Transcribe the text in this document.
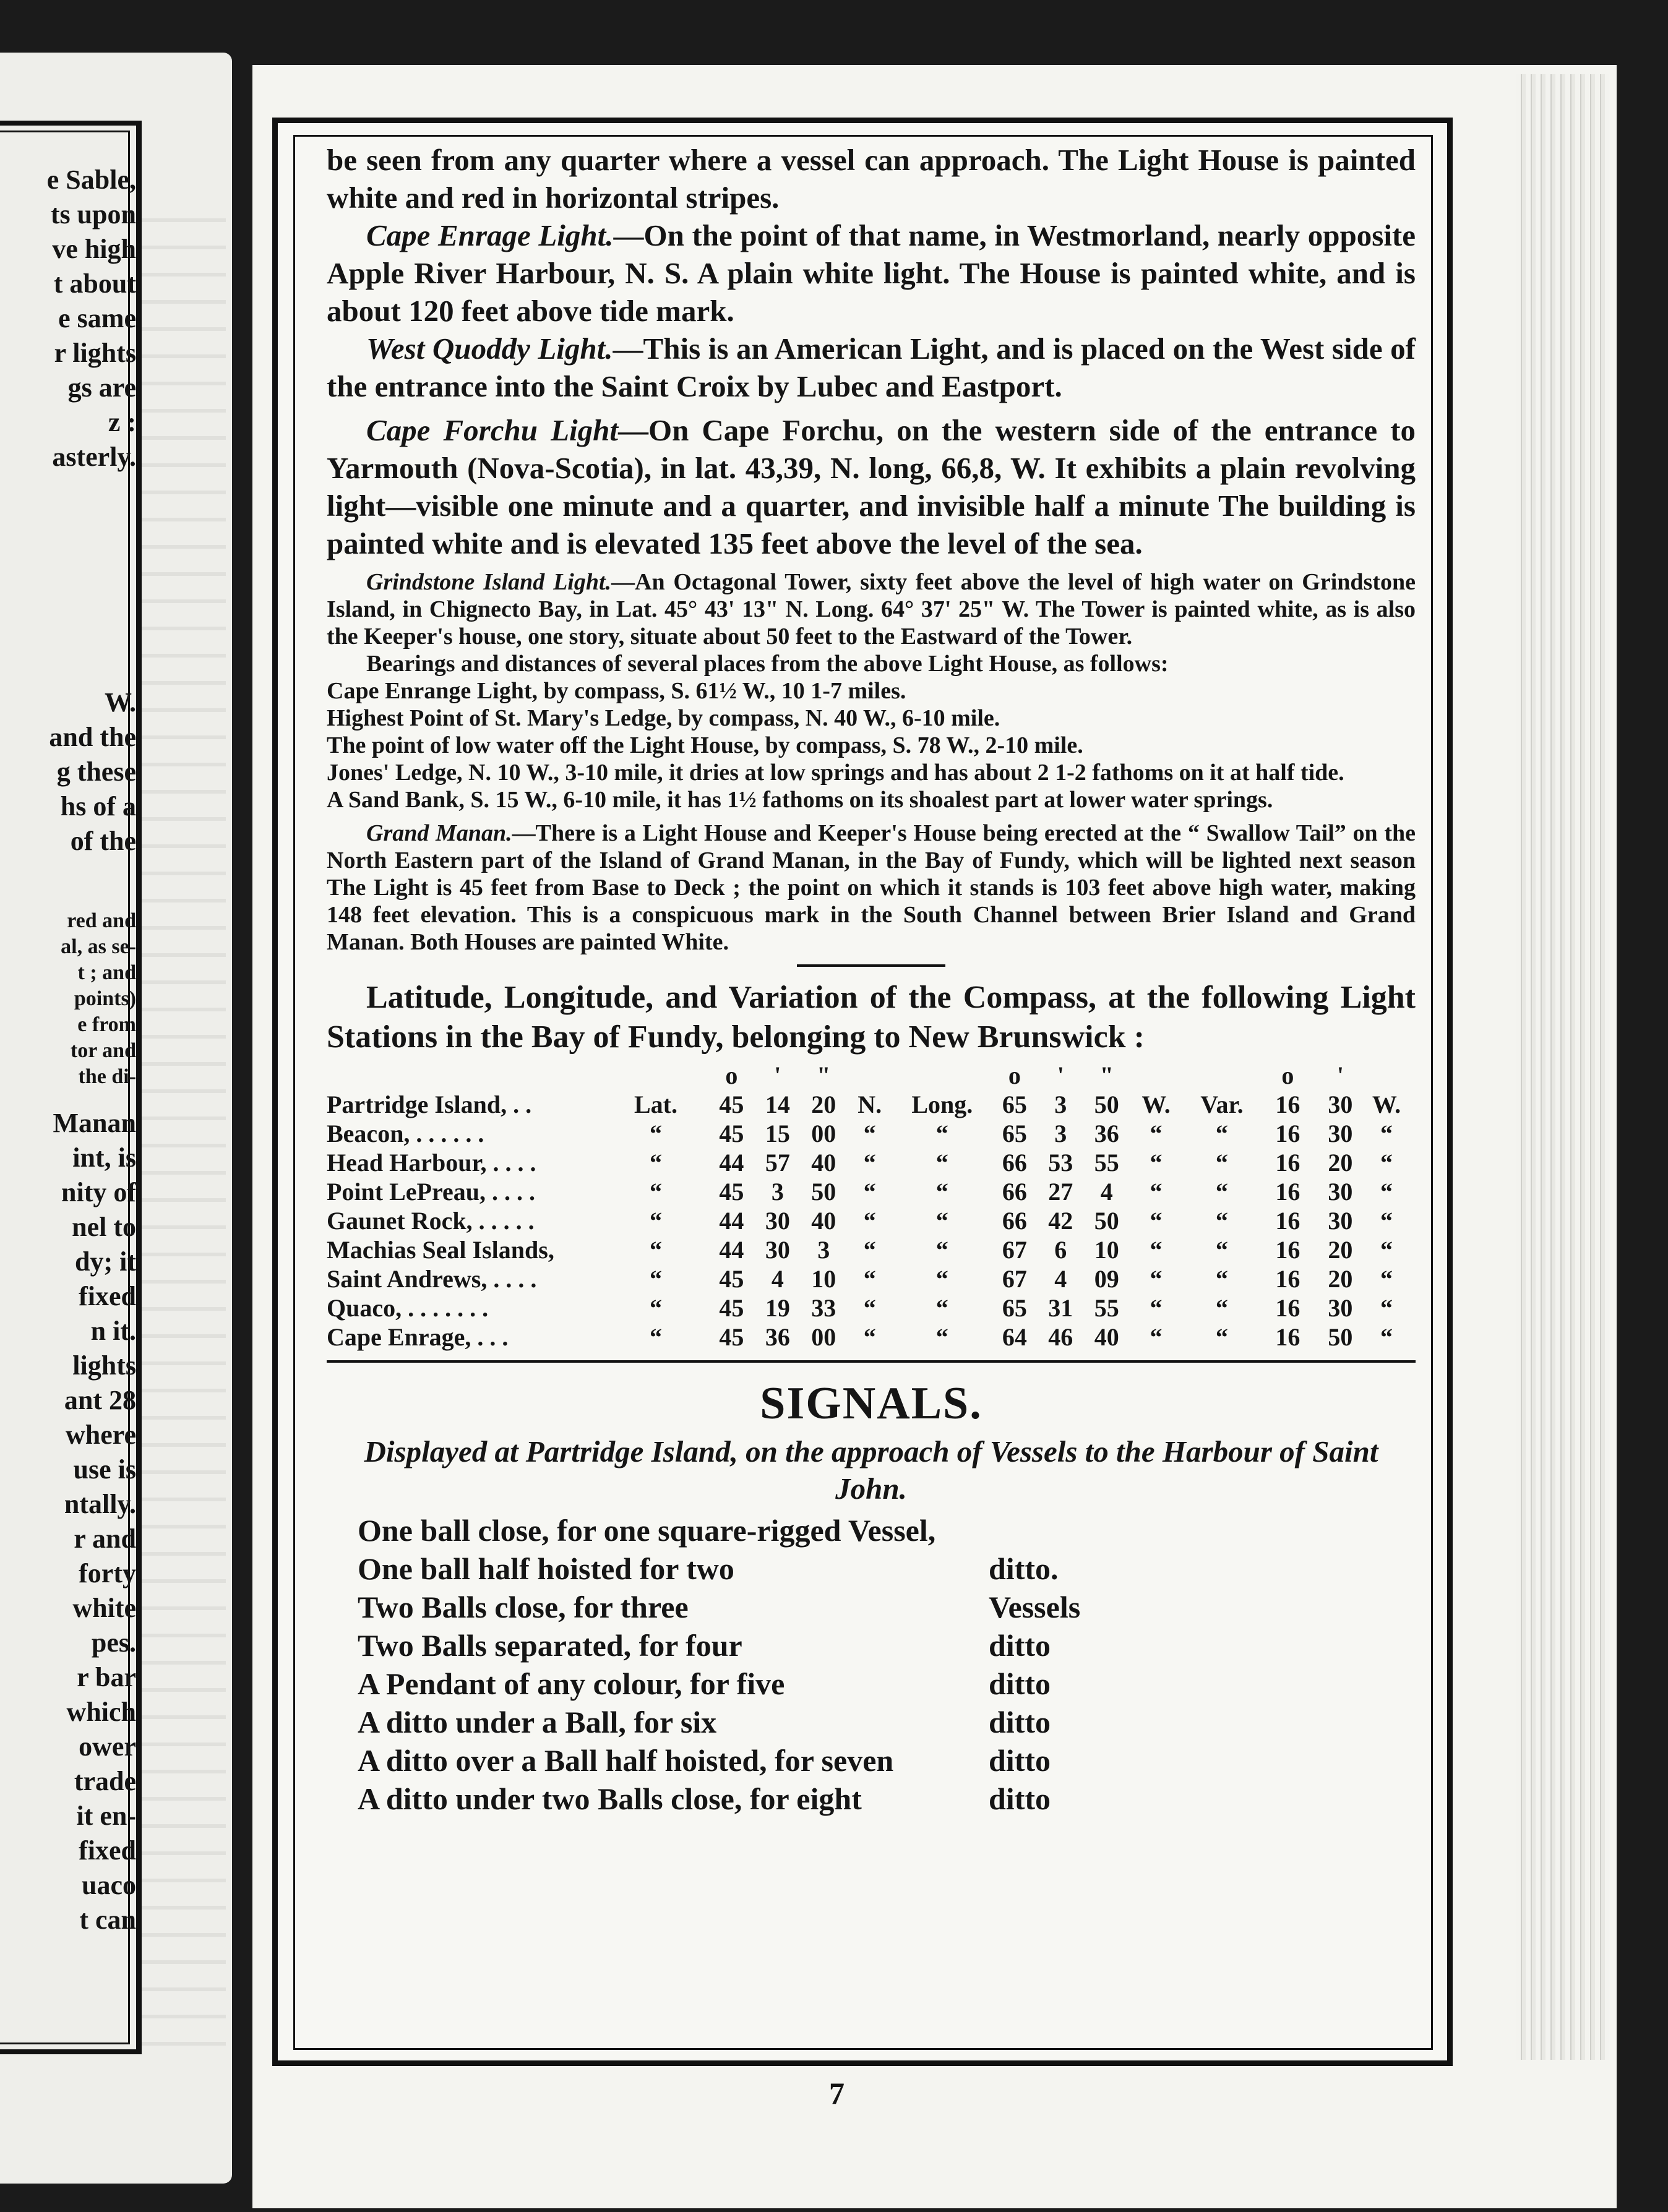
e Sable,
ts upon
ve high
t about
e same
r lights
gs are
z :
asterly.
W.
and the
g these
hs of a
of the
red and
al, as se-
t ; and
points)
e from
tor and
the di-
Manan
int, is
nity of
nel to
dy; it
fixed
n it.
lights
ant 28
where
use is
ntally.
r and
forty
white
pes.
r bar
which
ower
trade
it en-
fixed
uaco
t can

be seen from any quarter where a vessel can approach. The Light House is painted white and red in horizontal stripes.

Cape Enrage Light.—On the point of that name, in Westmorland, nearly opposite Apple River Harbour, N. S. A plain white light. The House is painted white, and is about 120 feet above tide mark.

West Quoddy Light.—This is an American Light, and is placed on the West side of the entrance into the Saint Croix by Lubec and Eastport.

Cape Forchu Light—On Cape Forchu, on the western side of the entrance to Yarmouth (Nova-Scotia), in lat. 43,39, N. long, 66,8, W. It exhibits a plain revolving light—visible one minute and a quarter, and invisible half a minute The building is painted white and is elevated 135 feet above the level of the sea.

Grindstone Island Light.—An Octagonal Tower, sixty feet above the level of high water on Grindstone Island, in Chignecto Bay, in Lat. 45° 43' 13" N. Long. 64° 37' 25" W. The Tower is painted white, as is also the Keeper's house, one story, situate about 50 feet to the Eastward of the Tower.

Bearings and distances of several places from the above Light House, as follows:

Cape Enrange Light, by compass, S. 61½ W., 10 1-7 miles.

Highest Point of St. Mary's Ledge, by compass, N. 40 W., 6-10 mile.

The point of low water off the Light House, by compass, S. 78 W., 2-10 mile.

Jones' Ledge, N. 10 W., 3-10 mile, it dries at low springs and has about 2 1-2 fathoms on it at half tide.

A Sand Bank, S. 15 W., 6-10 mile, it has 1½ fathoms on its shoalest part at lower water springs.

Grand Manan.—There is a Light House and Keeper's House being erected at the “ Swallow Tail” on the North Eastern part of the Island of Grand Manan, in the Bay of Fundy, which will be lighted next season The Light is 45 feet from Base to Deck ; the point on which it stands is 103 feet above high water, making 148 feet elevation. This is a conspicuous mark in the South Channel between Brier Island and Grand Manan. Both Houses are painted White.

Latitude, Longitude, and Variation of the Compass, at the following Light Stations in the Bay of Fundy, belonging to New Brunswick :

		o	'	"			o	'	"			o	'	
Partridge Island, . .	Lat.	45	14	20	N.	Long.	65	3	50	W.	Var.	16	30	W.
Beacon, . . . . . .	“	45	15	00	“	“	65	3	36	“	“	16	30	“
Head Harbour, . . . .	“	44	57	40	“	“	66	53	55	“	“	16	20	“
Point LePreau, . . . .	“	45	3	50	“	“	66	27	4	“	“	16	30	“
Gaunet Rock, . . . . .	“	44	30	40	“	“	66	42	50	“	“	16	30	“
Machias Seal Islands,	“	44	30	3	“	“	67	6	10	“	“	16	20	“
Saint Andrews, . . . .	“	45	4	10	“	“	67	4	09	“	“	16	20	“
Quaco, . . . . . . .	“	45	19	33	“	“	65	31	55	“	“	16	30	“
Cape Enrage, . . .	“	45	36	00	“	“	64	46	40	“	“	16	50	“

SIGNALS.

Displayed at Partridge Island, on the approach of Vessels to the Harbour of Saint John.

One ball close, for one square-rigged Vessel,
One ball half hoisted for two	ditto.
Two Balls close, for three	Vessels
Two Balls separated, for four	ditto
A Pendant of any colour, for five	ditto
A ditto under a Ball, for six	ditto
A ditto over a Ball half hoisted, for seven	ditto
A ditto under two Balls close, for eight	ditto
7
